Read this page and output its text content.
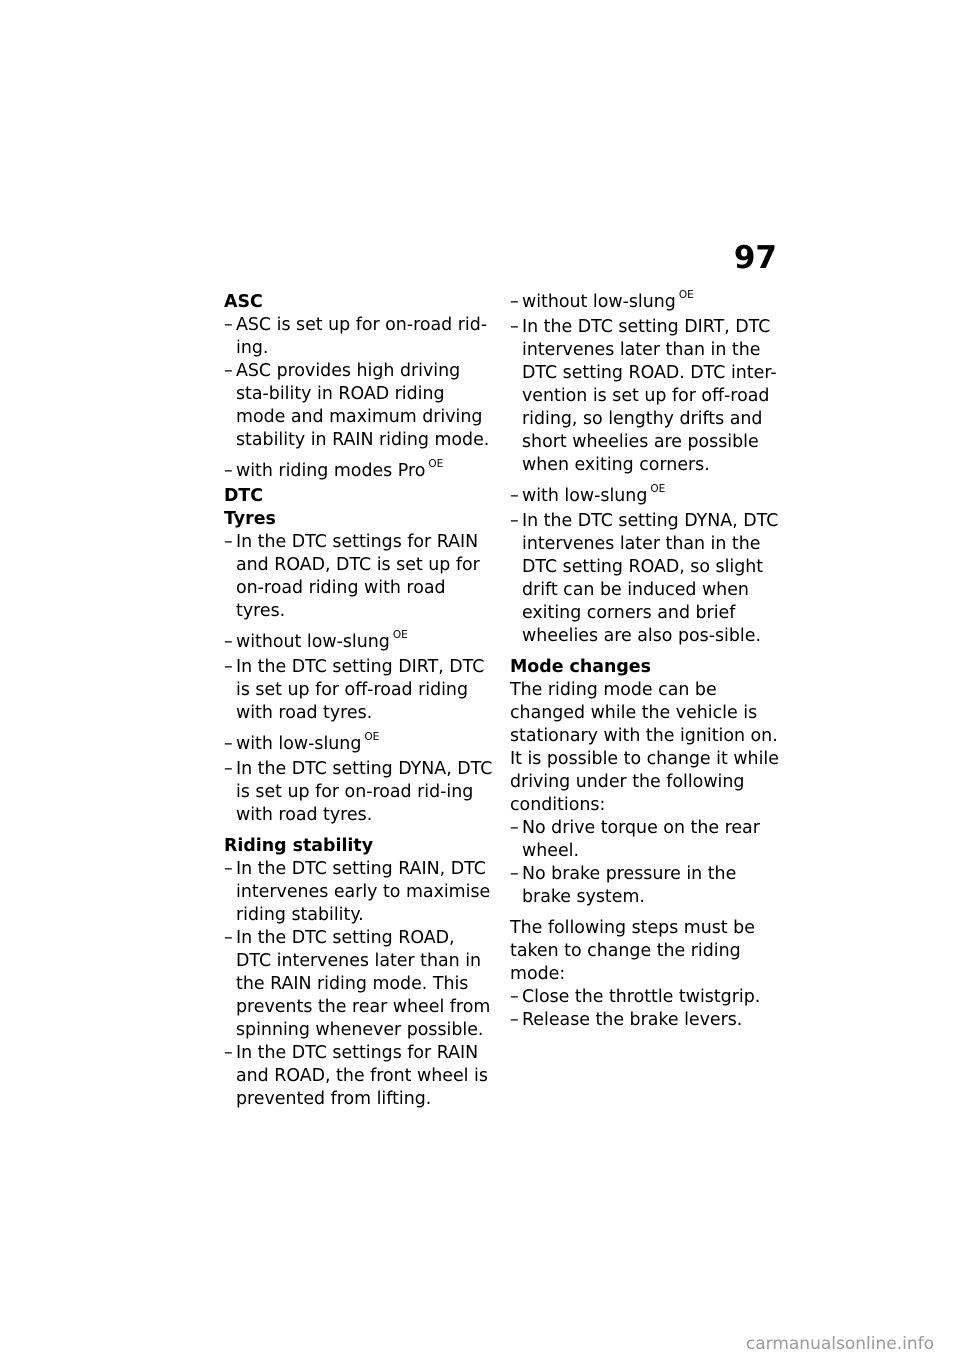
97

ASC

– ASC is set up for on-road rid-ing.

– ASC provides high driving sta-bility in ROAD riding mode and maximum driving stability in RAIN riding mode.

– with riding modes Pro $^{OE}$

DTC

Tyres

– In the DTC settings for RAIN and ROAD, DTC is set up for on-road riding with road tyres.

– without low-slung $^{OE}$

– In the DTC setting DIRT, DTC is set up for off-road riding with road tyres.

– with low-slung $^{OE}$

– In the DTC setting DYNA, DTC is set up for on-road rid-ing with road tyres.

Riding stability

– In the DTC setting RAIN, DTC intervenes early to maximise riding stability.

– In the DTC setting ROAD, DTC intervenes later than in the RAIN riding mode. This prevents the rear wheel from spinning whenever possible.

– In the DTC settings for RAIN and ROAD, the front wheel is prevented from lifting.

– without low-slung $^{OE}$

– In the DTC setting DIRT, DTC intervenes later than in the DTC setting ROAD. DTC inter-vention is set up for off-road riding, so lengthy drifts and short wheelies are possible when exiting corners.

– with low-slung $^{OE}$

– In the DTC setting DYNA, DTC intervenes later than in the DTC setting ROAD, so slight drift can be induced when exiting corners and brief wheelies are also pos-sible.

Mode changes

The riding mode can be changed while the vehicle is stationary with the ignition on. It is possible to change it while driving under the following conditions:

– No drive torque on the rear wheel.

– No brake pressure in the brake system.

The following steps must be taken to change the riding mode:

– Close the throttle twistgrip.

– Release the brake levers.

carmanualsonline.info
